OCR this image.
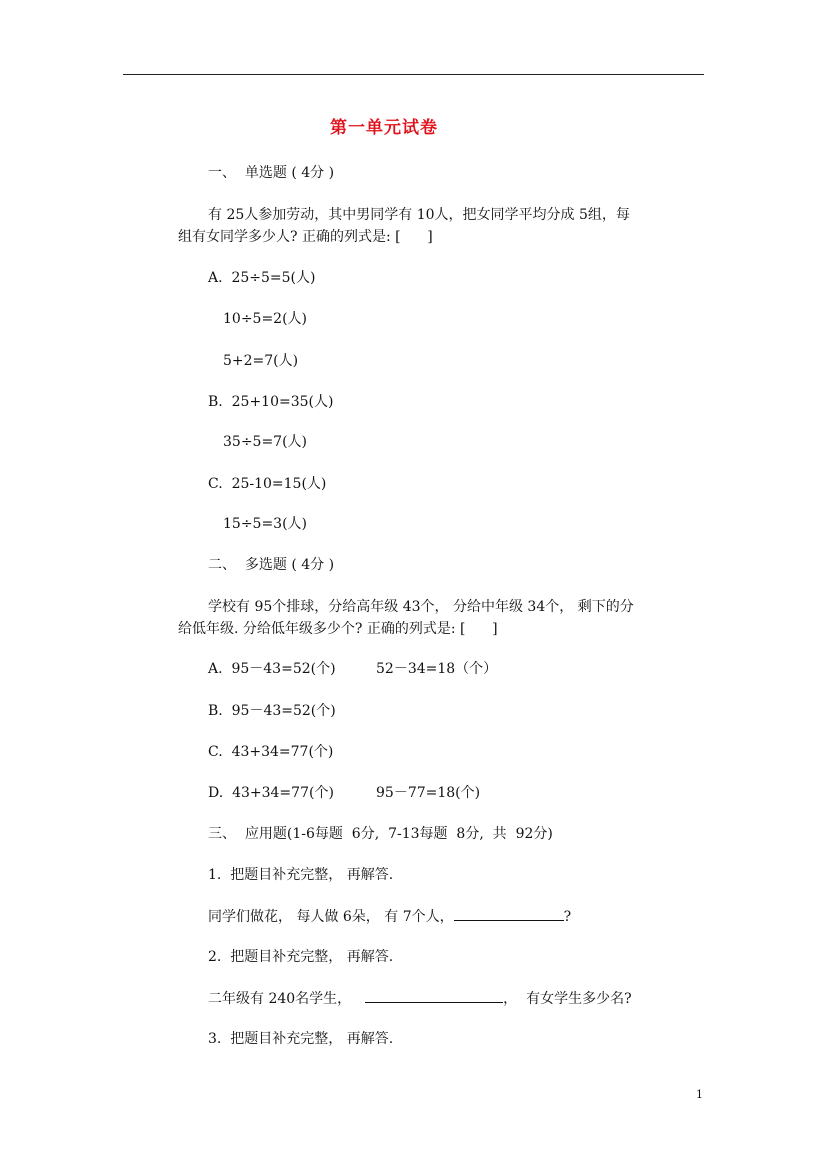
第一单元试卷
一、  单选题 ( 4分 )
有 25人参加劳动，其中男同学有 10人，把女同学平均分成 5组，每
组有女同学多少人? 正确的列式是: [      ]
A.  25÷5=5(人)
10÷5=2(人)
5+2=7(人)
B.  25+10=35(人)
35÷5=7(人)
C.  25-10=15(人)
15÷5=3(人)
二、  多选题 ( 4分 )
学校有 95个排球，分给高年级 43个， 分给中年级 34个， 剩下的分
给低年级. 分给低年级多少个? 正确的列式是: [      ]
A.  95－43=52(个)	52－34=18（个）
B.  95－43=52(个)
C.  43+34=77(个)
D.  43+34=77(个)	95－77=18(个)
三、  应用题(1-6每题  6分,  7-13每题  8分,  共  92分)
1.  把题目补充完整， 再解答.
同学们做花， 每人做 6朵， 有 7个人，	?
2.  把题目补充完整， 再解答.
二年级有 240名学生，	，  有女学生多少名?
3.  把题目补充完整， 再解答.
1
